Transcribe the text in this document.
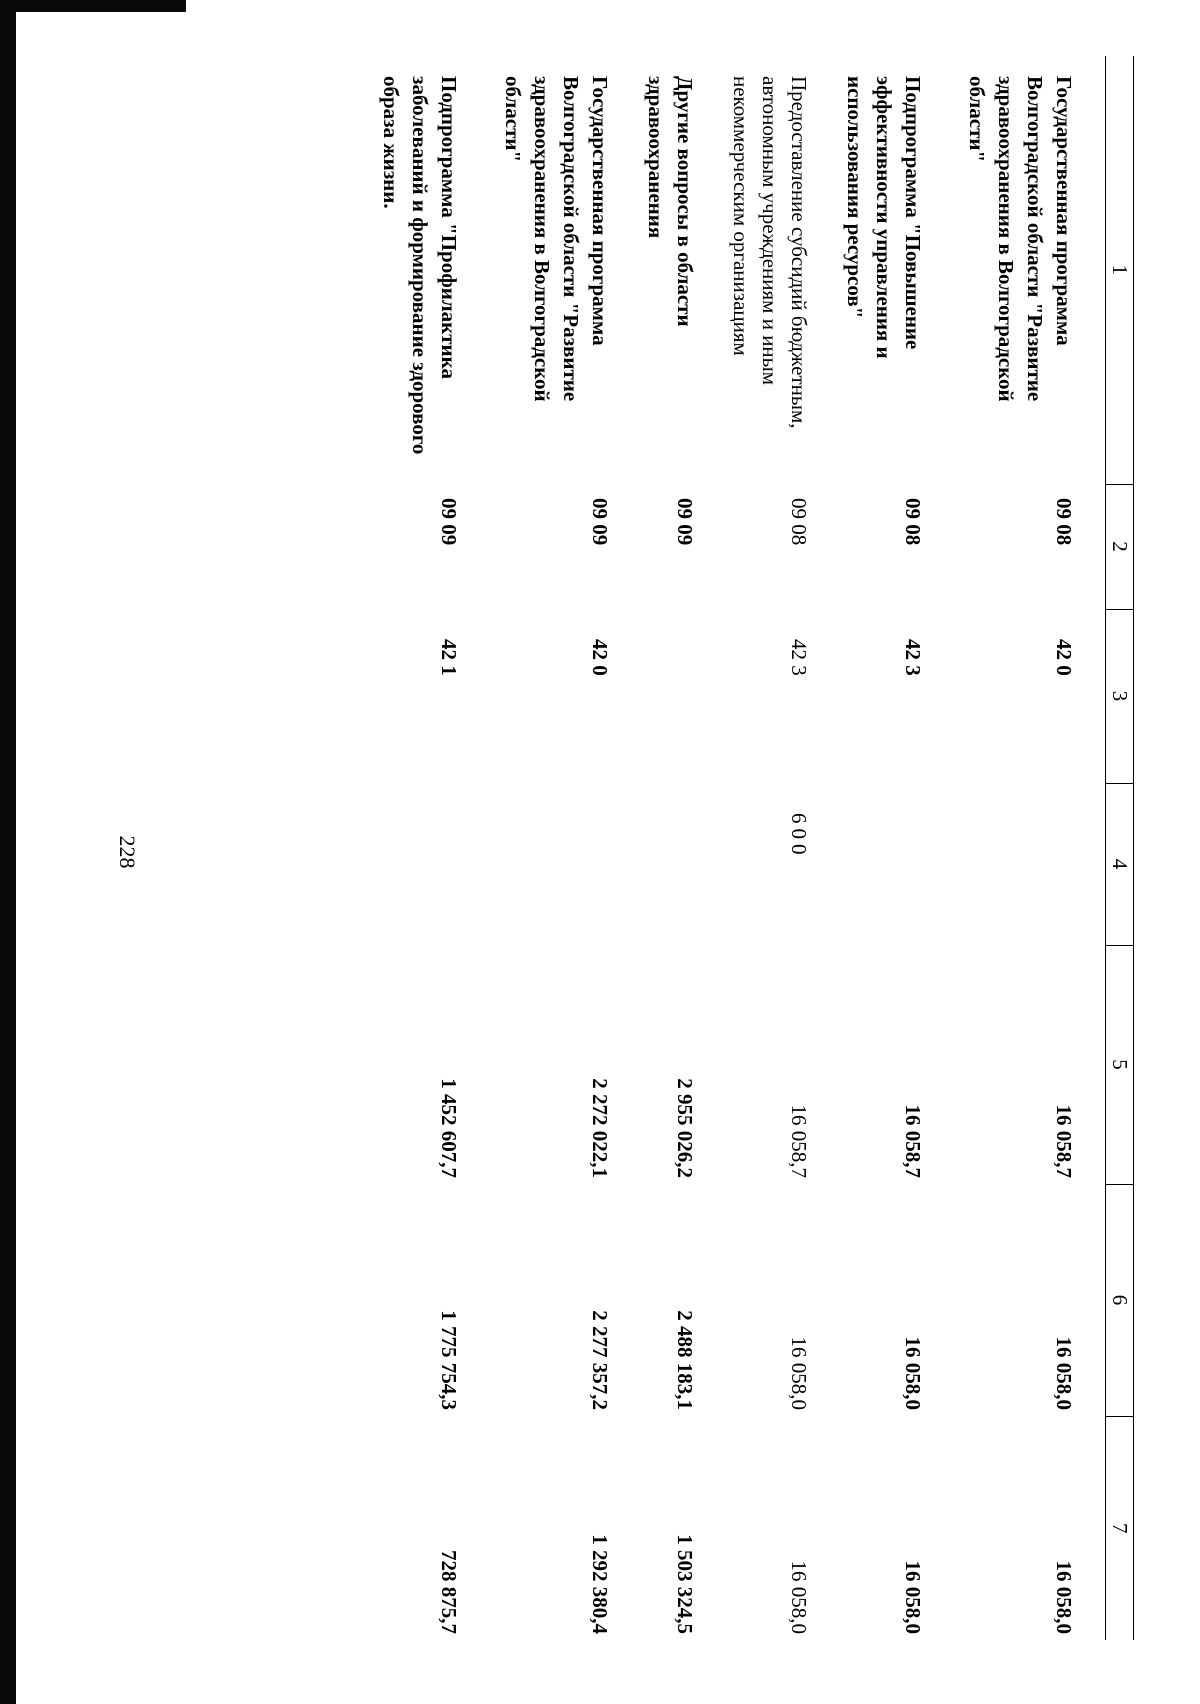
228
1	2	3	4	5	6	7
Государственная программа Волгоградской области "Развитие здравоохранения в Волгоградской области"	09 08	42 0		16 058,7	16 058,0	16 058,0
Подпрограмма "Повышение эффективности управления и использования ресурсов"	09 08	42 3		16 058,7	16 058,0	16 058,0
Предоставление субсидий бюджетным, автономным учреждениям и иным некоммерческим организациям	09 08	42 3	600	16 058,7	16 058,0	16 058,0
Другие вопросы в области здравоохранения	09 09			2 955 026,2	2 488 183,1	1 503 324,5
Государственная программа Волгоградской области "Развитие здравоохранения в Волгоградской области"	09 09	42 0		2 272 022,1	2 277 357,2	1 292 380,4
Подпрограмма "Профилактика заболеваний и формирование здорового образа жизни.	09 09	42 1		1 452 607,7	1 775 754,3	728 875,7
